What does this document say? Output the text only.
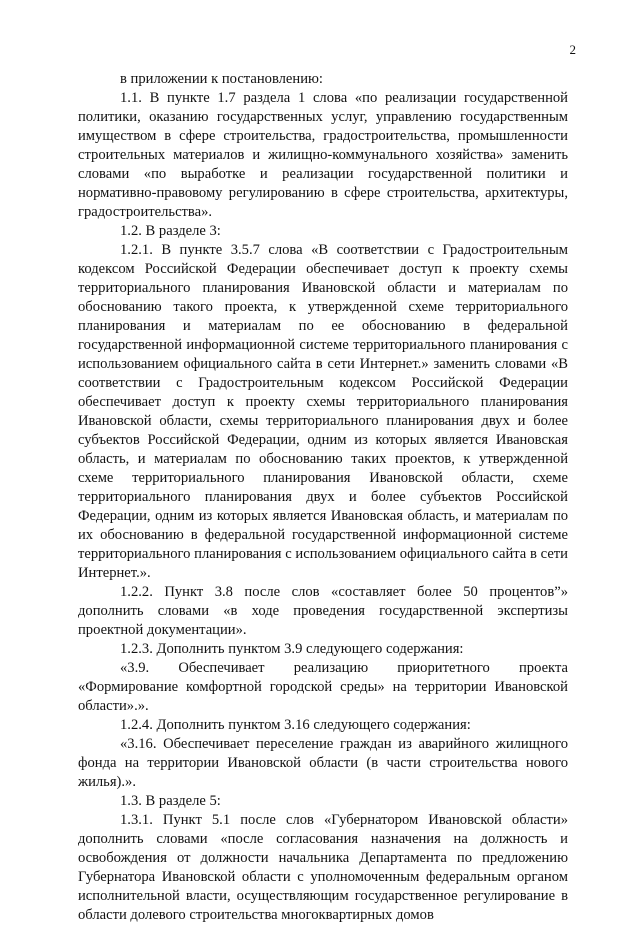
2

в приложении к постановлению:

1.1. В пункте 1.7 раздела 1 слова «по реализации государственной политики, оказанию государственных услуг, управлению государственным имуществом в сфере строительства, градостроительства, промышленности строительных материалов и жилищно-коммунального хозяйства» заменить словами «по выработке и реализации государственной политики и нормативно-правовому регулированию в сфере строительства, архитектуры, градостроительства».

1.2. В разделе 3:

1.2.1. В пункте 3.5.7 слова «В соответствии с Градостроительным кодексом Российской Федерации обеспечивает доступ к проекту схемы территориального планирования Ивановской области и материалам по обоснованию такого проекта, к утвержденной схеме территориального планирования и материалам по ее обоснованию в федеральной государственной информационной системе территориального планирования с использованием официального сайта в сети Интернет.» заменить словами «В соответствии с Градостроительным кодексом Российской Федерации обеспечивает доступ к проекту схемы территориального планирования Ивановской области, схемы территориального планирования двух и более субъектов Российской Федерации, одним из которых является Ивановская область, и материалам по обоснованию таких проектов, к утвержденной схеме территориального планирования Ивановской области, схеме территориального планирования двух и более субъектов Российской Федерации, одним из которых является Ивановская область, и материалам по их обоснованию в федеральной государственной информационной системе территориального планирования с использованием официального сайта в сети Интернет.».

1.2.2. Пункт 3.8 после слов «составляет более 50 процентов”» дополнить словами «в ходе проведения государственной экспертизы проектной документации».

1.2.3. Дополнить пунктом 3.9 следующего содержания:

«3.9. Обеспечивает реализацию приоритетного проекта «Формирование комфортной городской среды» на территории Ивановской области».».

1.2.4. Дополнить пунктом 3.16 следующего содержания:

«3.16. Обеспечивает переселение граждан из аварийного жилищного фонда на территории Ивановской области (в части строительства нового жилья).».

1.3. В разделе 5:

1.3.1. Пункт 5.1 после слов «Губернатором Ивановской области» дополнить словами «после согласования назначения на должность и освобождения от должности начальника Департамента по предложению Губернатора Ивановской области с уполномоченным федеральным органом исполнительной власти, осуществляющим государственное регулирование в области долевого строительства многоквартирных домов
